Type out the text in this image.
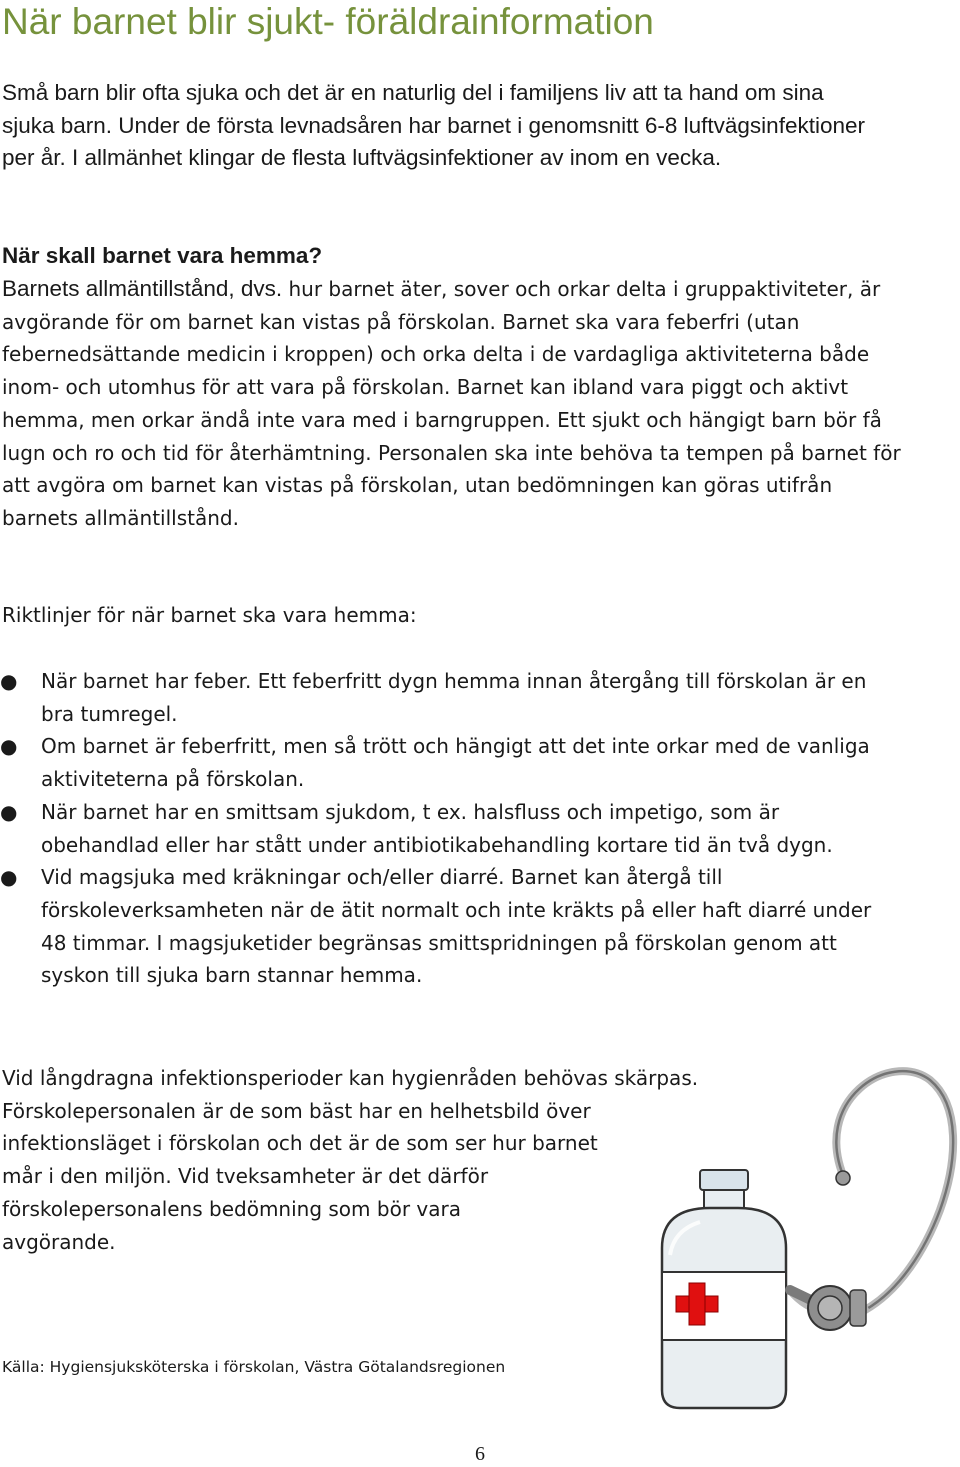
När barnet blir sjukt- föräldrainformation

Små barn blir ofta sjuka och det är en naturlig del i familjens liv att ta hand om sina sjuka barn. Under de första levnadsåren har barnet i genomsnitt 6-8 luftvägsinfektioner per år. I allmänhet klingar de flesta luftvägsinfektioner av inom en vecka.

När skall barnet vara hemma?

Barnets allmäntillstånd, dvs. hur barnet äter, sover och orkar delta i gruppaktiviteter, är avgörande för om barnet kan vistas på förskolan. Barnet ska vara feberfri (utan febernedsättande medicin i kroppen) och orka delta i de vardagliga aktiviteterna både inom- och utomhus för att vara på förskolan. Barnet kan ibland vara piggt och aktivt hemma, men orkar ändå inte vara med i barngruppen. Ett sjukt och hängigt barn bör få lugn och ro och tid för återhämtning. Personalen ska inte behöva ta tempen på barnet för att avgöra om barnet kan vistas på förskolan, utan bedömningen kan göras utifrån barnets allmäntillstånd.

Riktlinjer för när barnet ska vara hemma:

● När barnet har feber. Ett feberfritt dygn hemma innan återgång till förskolan är en bra tumregel.
● Om barnet är feberfritt, men så trött och hängigt att det inte orkar med de vanliga aktiviteterna på förskolan.
● När barnet har en smittsam sjukdom, t ex. halsfluss och impetigo, som är obehandlad eller har stått under antibiotikabehandling kortare tid än två dygn.
● Vid magsjuka med kräkningar och/eller diarré. Barnet kan återgå till förskoleverksamheten när de ätit normalt och inte kräkts på eller haft diarré under 48 timmar. I magsjuketider begränsas smittspridningen på förskolan genom att syskon till sjuka barn stannar hemma.
Vid långdragna infektionsperioder kan hygienråden behövas skärpas.
Förskolepersonalen är de som bäst har en helhetsbild över
infektionsläget i förskolan och det är de som ser hur barnet
mår i den miljön. Vid tveksamheter är det därför
förskolepersonalens bedömning som bör vara
avgörande.

Källa: Hygiensjuksköterska i förskolan, Västra Götalandsregionen

6
